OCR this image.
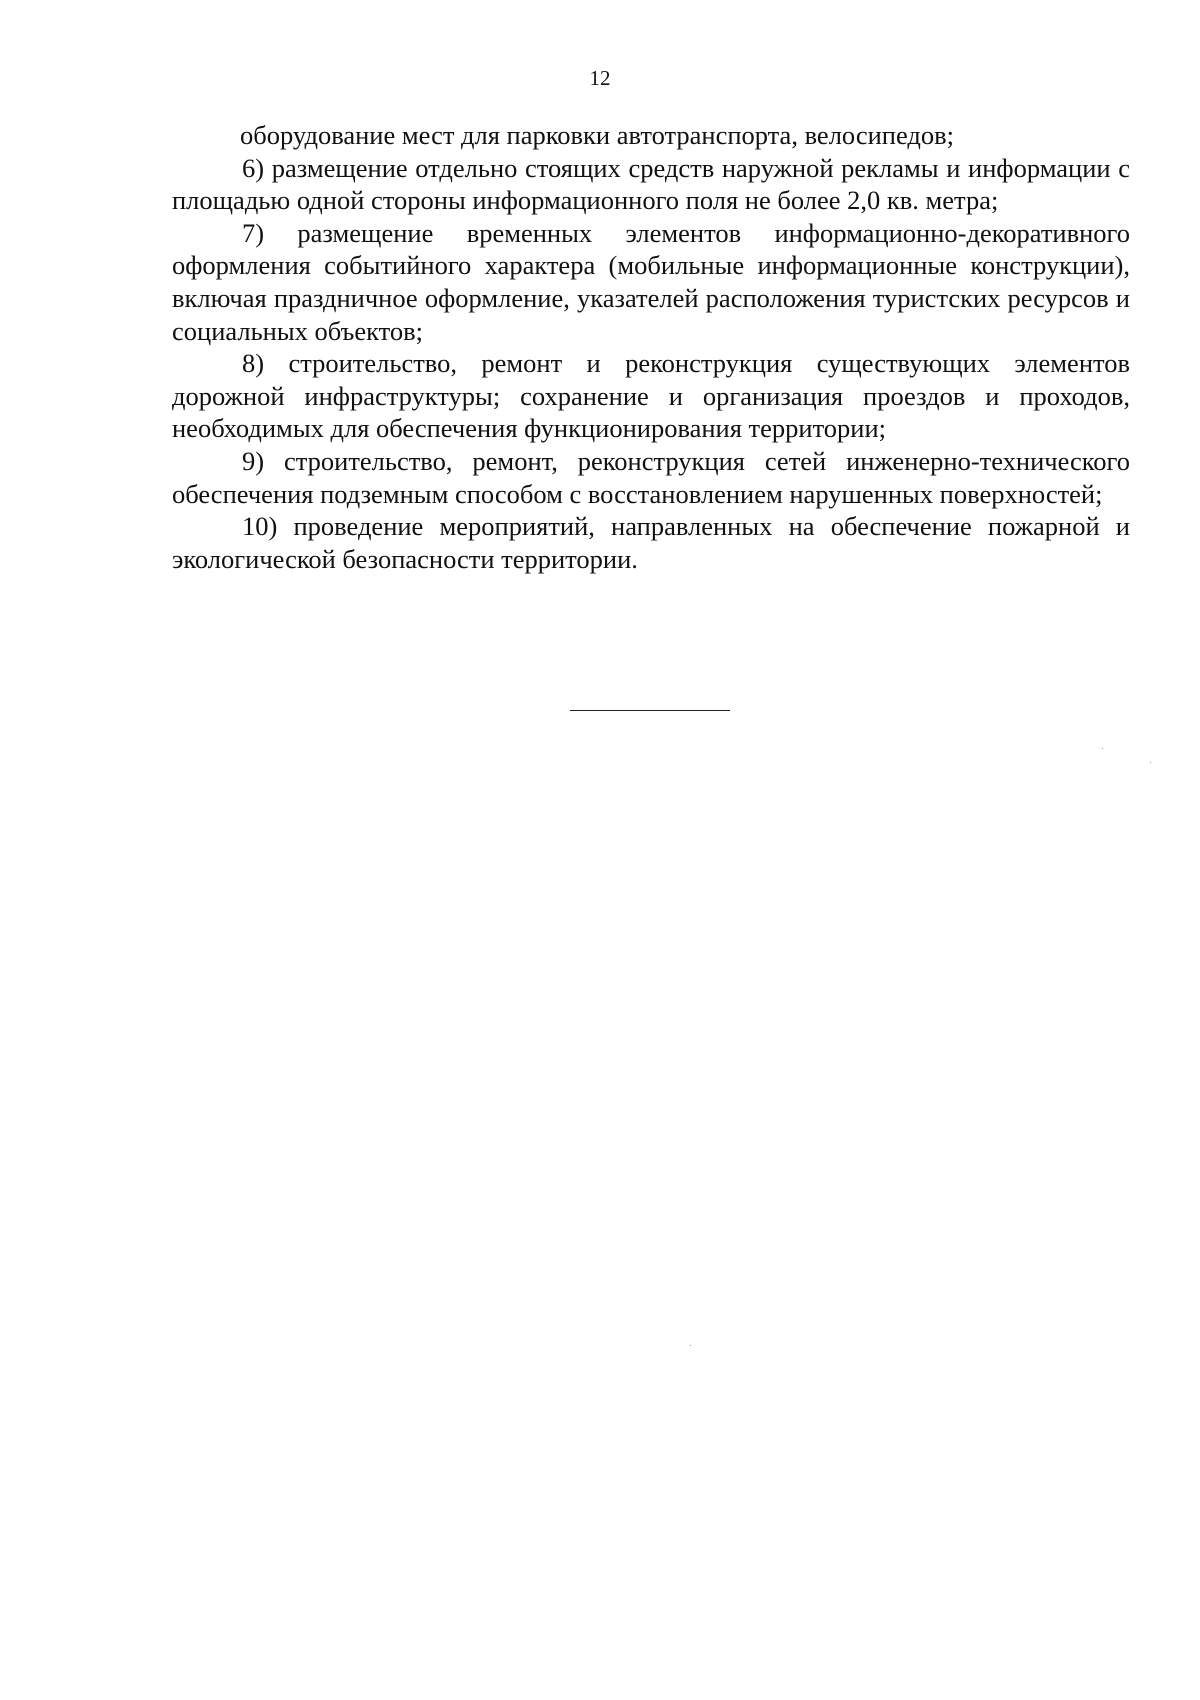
12

оборудование мест для парковки автотранспорта, велосипедов;

6) размещение отдельно стоящих средств наружной рекламы и информации с площадью одной стороны информационного поля не более 2,0 кв. метра;

7) размещение временных элементов информационно-декоративного оформления событийного характера (мобильные информационные конструкции), включая праздничное оформление, указателей расположения туристских ресурсов и социальных объектов;

8) строительство, ремонт и реконструкция существующих элементов дорожной инфраструктуры; сохранение и организация проездов и проходов, необходимых для обеспечения функционирования территории;

9) строительство, ремонт, реконструкция сетей инженерно-технического обеспечения подземным способом с восстановлением нарушенных поверхностей;

10) проведение мероприятий, направленных на обеспечение пожарной и экологической безопасности территории.
